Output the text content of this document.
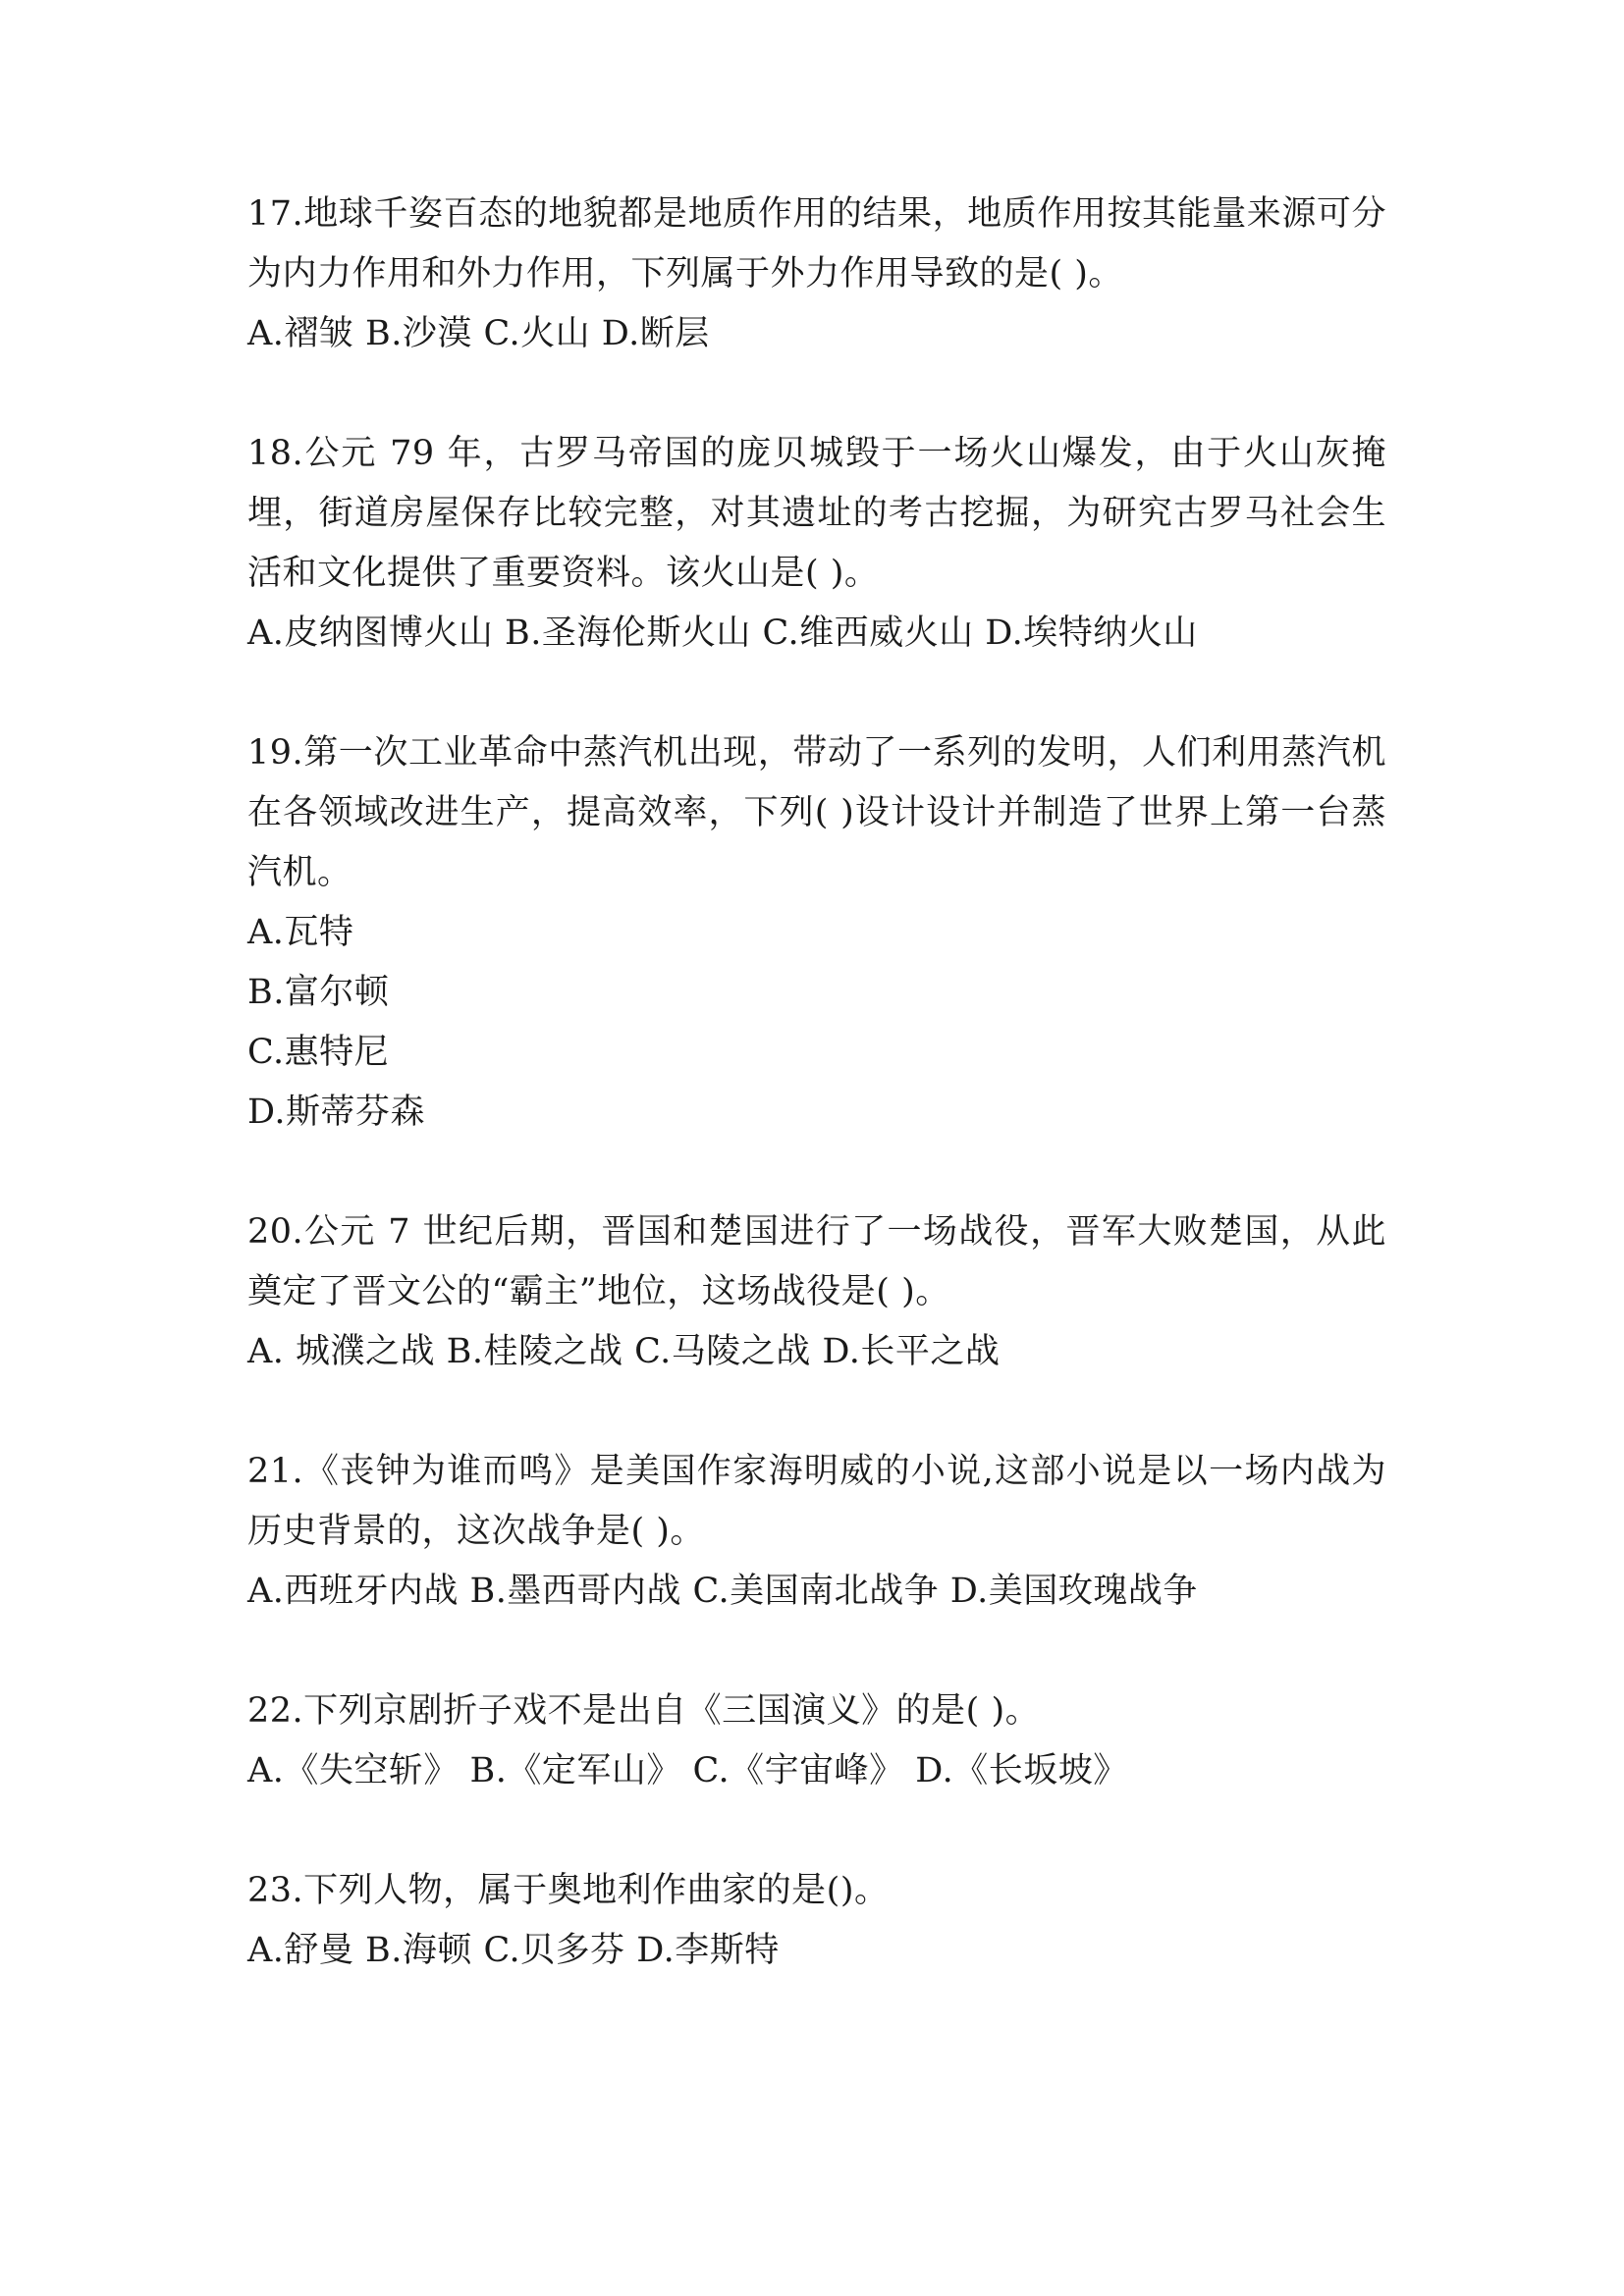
17.地球千姿百态的地貌都是地质作用的结果，地质作用按其能量来源可分为内力作用和外力作用，下列属于外力作用导致的是( )。

A.褶皱 B.沙漠 C.火山 D.断层

18.公元 79 年，古罗马帝国的庞贝城毁于一场火山爆发，由于火山灰掩埋，街道房屋保存比较完整，对其遗址的考古挖掘，为研究古罗马社会生活和文化提供了重要资料。该火山是( )。

A.皮纳图博火山 B.圣海伦斯火山 C.维西威火山 D.埃特纳火山

19.第一次工业革命中蒸汽机出现，带动了一系列的发明，人们利用蒸汽机在各领域改进生产，提高效率，下列( )设计设计并制造了世界上第一台蒸汽机。

A.瓦特
B.富尔顿
C.惠特尼
D.斯蒂芬森

20.公元 7 世纪后期，晋国和楚国进行了一场战役，晋军大败楚国，从此奠定了晋文公的“霸主”地位，这场战役是( )。

A. 城濮之战 B.桂陵之战 C.马陵之战 D.长平之战

21.《丧钟为谁而鸣》是美国作家海明威的小说,这部小说是以一场内战为历史背景的，这次战争是( )。

A.西班牙内战 B.墨西哥内战 C.美国南北战争 D.美国玫瑰战争

22.下列京剧折子戏不是出自《三国演义》的是( )。

A.《失空斩》 B.《定军山》 C.《宇宙峰》 D.《长坂坡》

23.下列人物，属于奥地利作曲家的是()。

A.舒曼 B.海顿 C.贝多芬 D.李斯特
